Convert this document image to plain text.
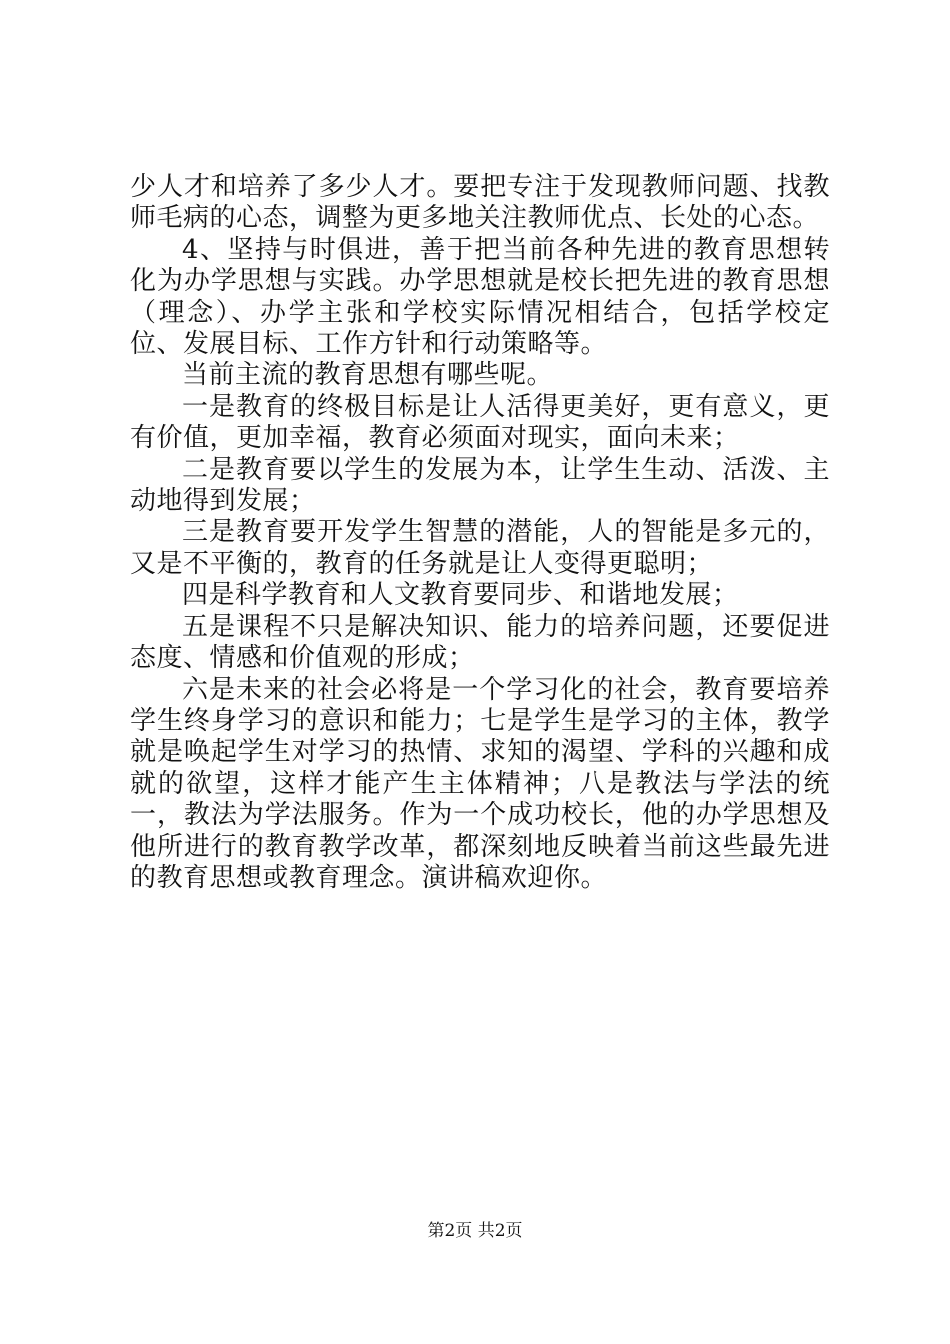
少人才和培养了多少人才。要把专注于发现教师问题、找教师毛病的心态，调整为更多地关注教师优点、长处的心态。

4、坚持与时俱进，善于把当前各种先进的教育思想转化为办学思想与实践。办学思想就是校长把先进的教育思想（理念）、办学主张和学校实际情况相结合，包括学校定位、发展目标、工作方针和行动策略等。

当前主流的教育思想有哪些呢。

一是教育的终极目标是让人活得更美好，更有意义，更有价值，更加幸福，教育必须面对现实，面向未来；

二是教育要以学生的发展为本，让学生生动、活泼、主动地得到发展；

三是教育要开发学生智慧的潜能，人的智能是多元的，又是不平衡的，教育的任务就是让人变得更聪明；

四是科学教育和人文教育要同步、和谐地发展；

五是课程不只是解决知识、能力的培养问题，还要促进态度、情感和价值观的形成；

六是未来的社会必将是一个学习化的社会，教育要培养学生终身学习的意识和能力；七是学生是学习的主体，教学就是唤起学生对学习的热情、求知的渴望、学科的兴趣和成就的欲望，这样才能产生主体精神；八是教法与学法的统一，教法为学法服务。作为一个成功校长，他的办学思想及他所进行的教育教学改革，都深刻地反映着当前这些最先进的教育思想或教育理念。演讲稿欢迎你。

第2页 共2页
